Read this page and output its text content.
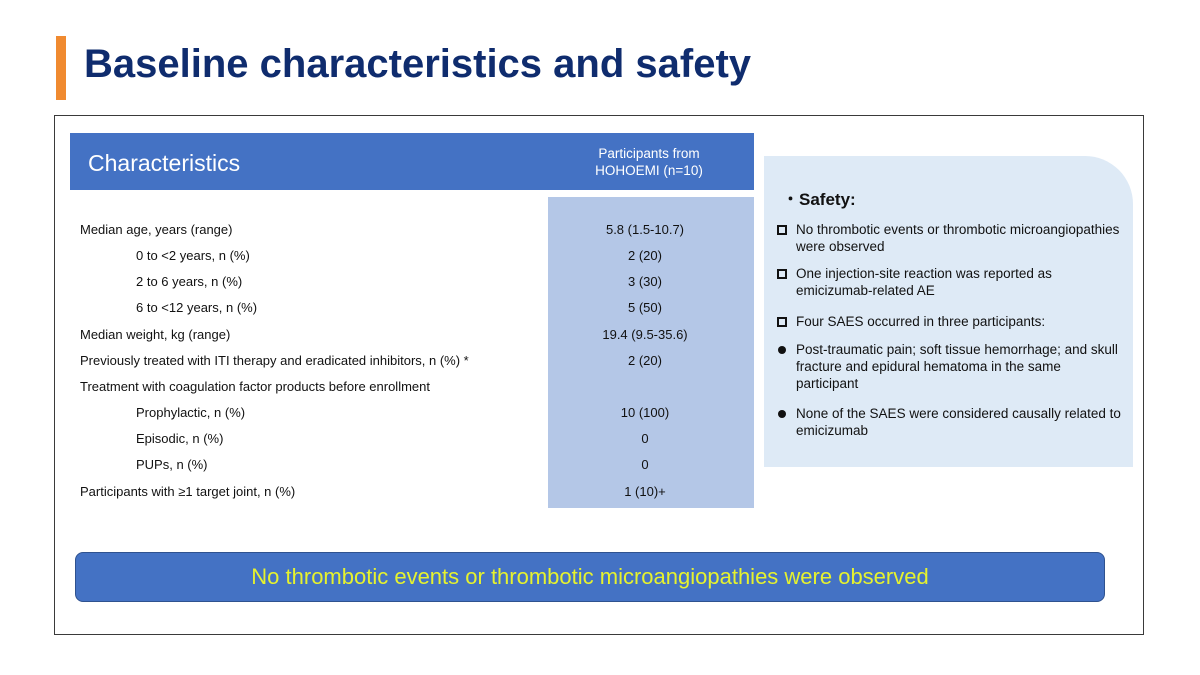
Baseline characteristics and safety
Characteristics	Participants from
HOHOEMI (n=10)
Median age, years (range)	5.8 (1.5-10.7)
0 to <2 years, n (%)	2 (20)
2 to 6 years, n (%)	3 (30)
6 to <12 years, n (%)	5 (50)
Median weight, kg (range)	19.4 (9.5-35.6)
Previously treated with ITI therapy and eradicated inhibitors, n (%) *	2 (20)
Treatment with coagulation factor products before enrollment
Prophylactic, n (%)	10 (100)
Episodic, n (%)	0
PUPs, n (%)	0
Participants with ≥1 target joint, n (%)	1 (10)+
・Safety:
No thrombotic events or thrombotic microangiopathies were observed
One injection-site reaction was reported as emicizumab-related AE
Four SAES occurred in three participants:
Post-traumatic pain; soft tissue hemorrhage; and skull fracture and epidural hematoma in the same participant
None of the SAES were considered causally related to emicizumab
No thrombotic events or thrombotic microangiopathies were observed
